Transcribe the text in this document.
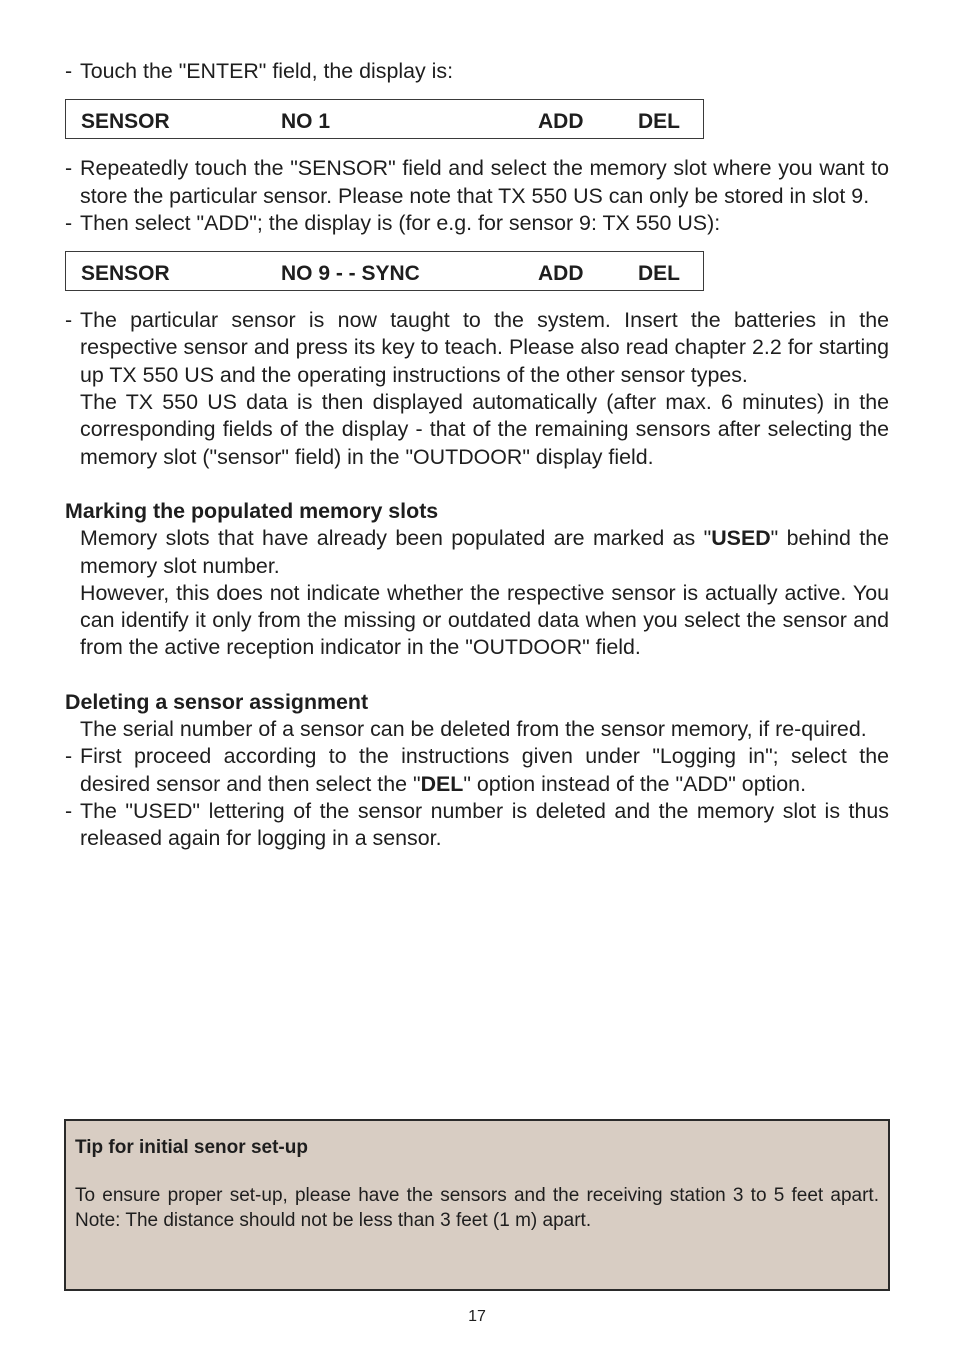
- Touch the "ENTER" field, the display is:

SENSOR	NO 1	ADD	DEL

- Repeatedly touch the "SENSOR" field and select the memory slot where you want to store the particular sensor. Please note that TX 550 US can only be stored in slot 9.

- Then select "ADD"; the display is (for e.g. for sensor 9: TX 550 US):

SENSOR	NO 9 - - SYNC	ADD	DEL

- The particular sensor is now taught to the system. Insert the batteries in the respective sensor and press its key to teach. Please also read chapter 2.2 for starting up TX 550 US and the operating instructions of the other sensor types.

The TX 550 US data is then displayed automatically (after max. 6 minutes) in the corresponding fields of the display - that of the remaining sensors after selecting the memory slot ("sensor" field) in the "OUTDOOR" display field.

Marking the populated memory slots

Memory slots that have already been populated are marked as "USED" behind the memory slot number.

However, this does not indicate whether the respective sensor is actually active. You can identify it only from the missing or outdated data when you select the sensor and from the active reception indicator in the "OUTDOOR" field.

Deleting a sensor assignment

The serial number of a sensor can be deleted from the sensor memory, if re-quired.

- First proceed according to the instructions given under "Logging in"; select the desired sensor and then select the "DEL" option instead of the "ADD" option.

- The "USED" lettering of the sensor number is deleted and the memory slot is thus released again for logging in a sensor.

Tip for initial senor set-up
To ensure proper set-up, please have the sensors and the receiving station 3 to 5 feet apart. Note: The distance should not be less than 3 feet (1 m) apart.
17
